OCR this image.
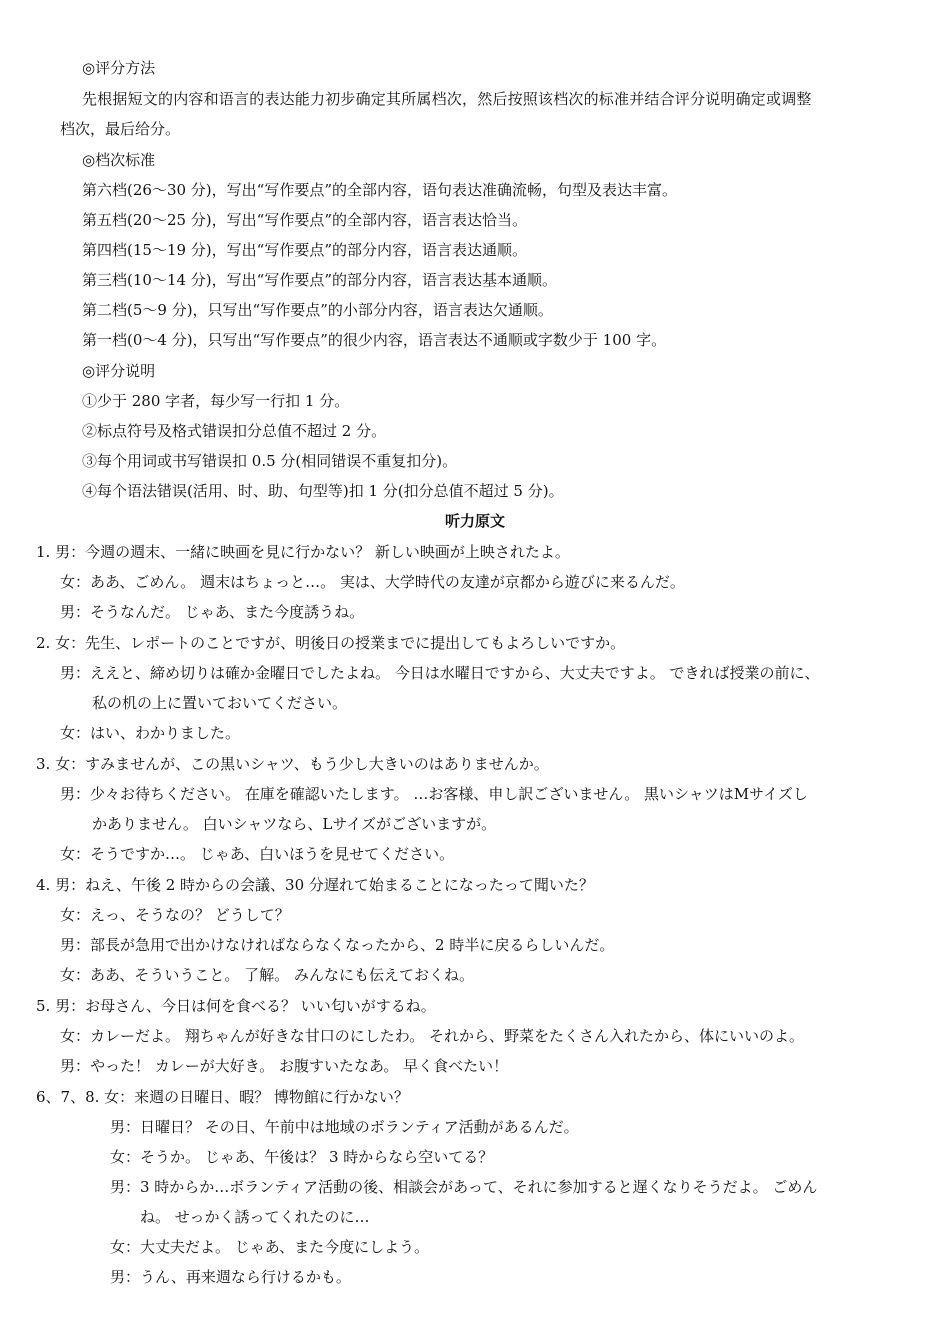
◎评分方法
先根据短文的内容和语言的表达能力初步确定其所属档次，然后按照该档次的标准并结合评分说明确定或调整
档次，最后给分。
◎档次标准
第六档(26～30 分)，写出“写作要点”的全部内容，语句表达准确流畅，句型及表达丰富。
第五档(20～25 分)，写出“写作要点”的全部内容，语言表达恰当。
第四档(15～19 分)，写出“写作要点”的部分内容，语言表达通顺。
第三档(10～14 分)，写出“写作要点”的部分内容，语言表达基本通顺。
第二档(5～9 分)，只写出“写作要点”的小部分内容，语言表达欠通顺。
第一档(0～4 分)，只写出“写作要点”的很少内容，语言表达不通顺或字数少于 100 字。
◎评分说明
①少于 280 字者，每少写一行扣 1 分。
②标点符号及格式错误扣分总值不超过 2 分。
③每个用词或书写错误扣 0.5 分(相同错误不重复扣分)。
④每个语法错误(活用、时、助、句型等)扣 1 分(扣分总值不超过 5 分)。
听力原文
1. 男：今週の週末、一緒に映画を見に行かない？ 新しい映画が上映されたよ。
女：ああ、ごめん。 週末はちょっと…。 実は、大学時代の友達が京都から遊びに来るんだ。
男：そうなんだ。 じゃあ、また今度誘うね。
2. 女：先生、レポートのことですが、明後日の授業までに提出してもよろしいですか。
男：ええと、締め切りは確か金曜日でしたよね。 今日は水曜日ですから、大丈夫ですよ。 できれば授業の前に、
私の机の上に置いておいてください。
女：はい、わかりました。
3. 女：すみませんが、この黒いシャツ、もう少し大きいのはありませんか。
男：少々お待ちください。 在庫を確認いたします。 …お客様、申し訳ございません。 黒いシャツはMサイズし
かありません。 白いシャツなら、Lサイズがございますが。
女：そうですか…。 じゃあ、白いほうを見せてください。
4. 男：ねえ、午後 2 時からの会議、30 分遅れて始まることになったって聞いた？
女：えっ、そうなの？ どうして？
男：部長が急用で出かけなければならなくなったから、2 時半に戻るらしいんだ。
女：ああ、そういうこと。 了解。 みんなにも伝えておくね。
5. 男：お母さん、今日は何を食べる？ いい匂いがするね。
女：カレーだよ。 翔ちゃんが好きな甘口のにしたわ。 それから、野菜をたくさん入れたから、体にいいのよ。
男：やった！ カレーが大好き。 お腹すいたなあ。 早く食べたい！
6、7、8. 女：来週の日曜日、暇？ 博物館に行かない？
男：日曜日？ その日、午前中は地域のボランティア活動があるんだ。
女：そうか。 じゃあ、午後は？ 3 時からなら空いてる？
男：3 時からか…ボランティア活動の後、相談会があって、それに参加すると遅くなりそうだよ。 ごめん
ね。 せっかく誘ってくれたのに…
女：大丈夫だよ。 じゃあ、また今度にしよう。
男：うん、再来週なら行けるかも。
